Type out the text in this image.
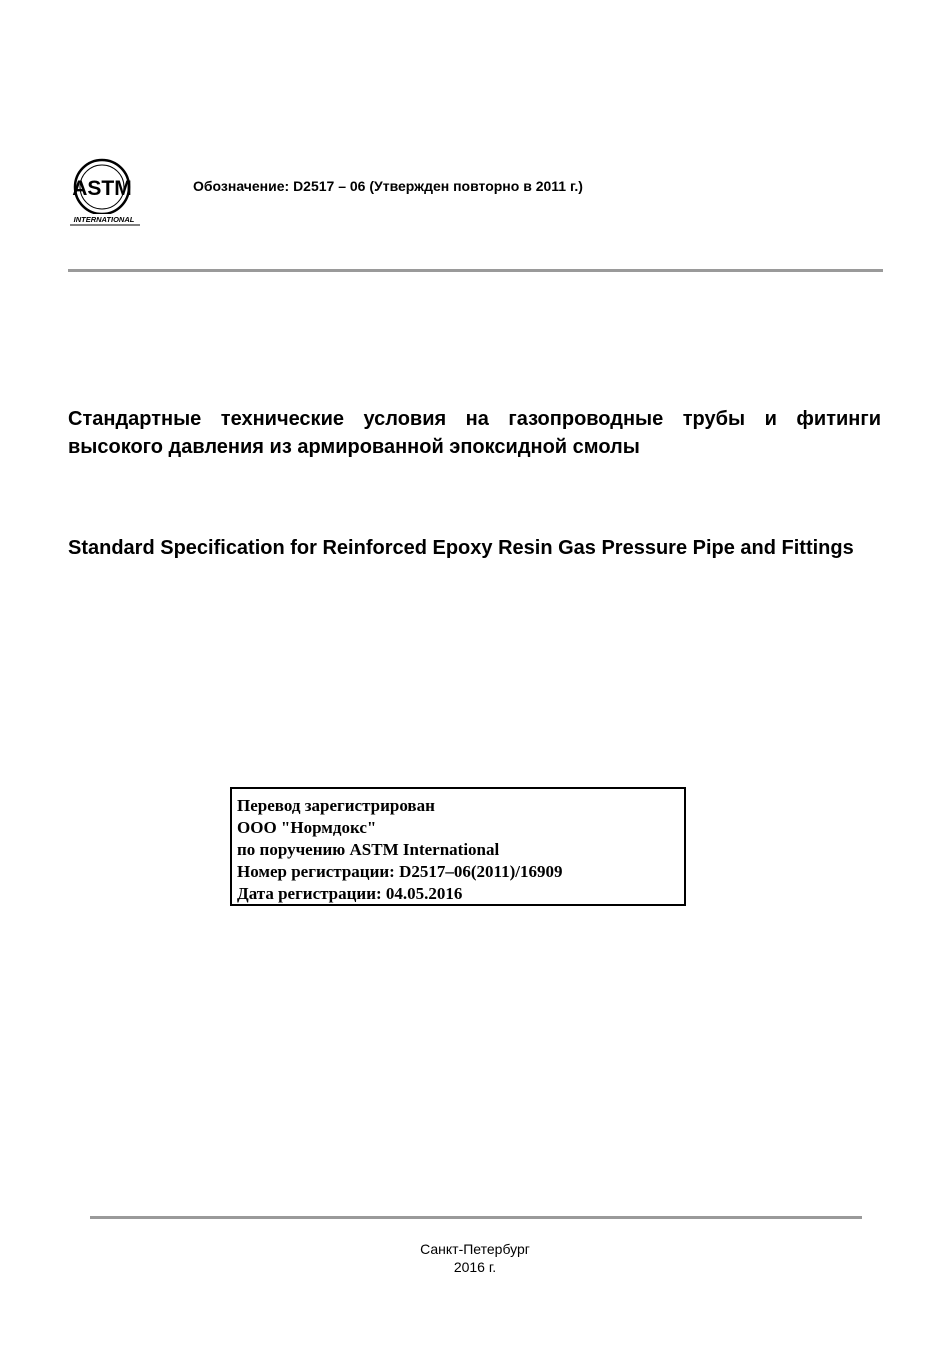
ASTM
INTERNATIONAL
Обозначение: D2517 – 06 (Утвержден повторно в 2011 г.)
Стандартные технические условия на газопроводные трубы и фитинги высокого давления из армированной эпоксидной смолы
Standard Specification for Reinforced Epoxy Resin Gas Pressure Pipe and Fittings
Перевод зарегистрирован
ООО "Нормдокс"
по поручению ASTM International
Номер регистрации: D2517–06(2011)/16909
Дата регистрации: 04.05.2016
Санкт-Петербург
2016 г.
